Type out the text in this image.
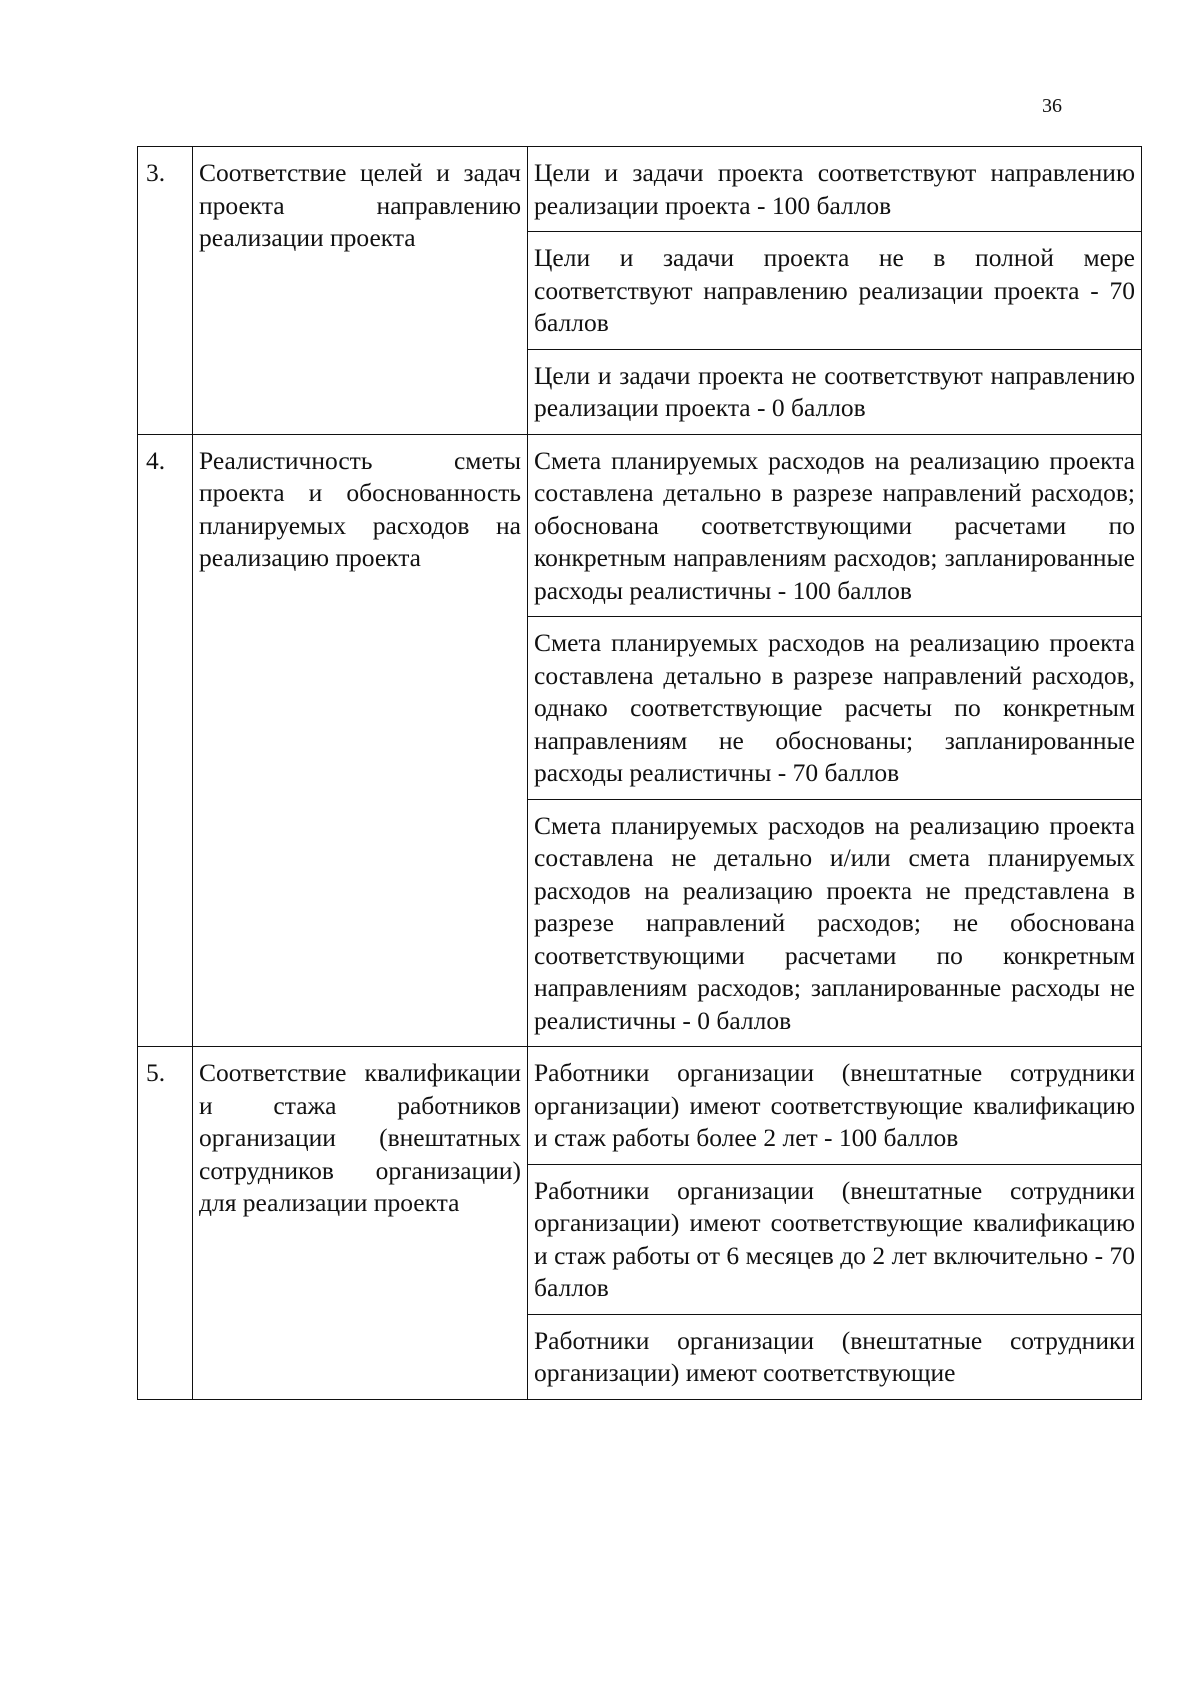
36
3.	Соответствие целей и задач проекта направлению реализации проекта	Цели и задачи проекта соответствуют направлению реализации проекта - 100 баллов
		Цели и задачи проекта не в полной мере соответствуют направлению реализации проекта - 70 баллов
		Цели и задачи проекта не соответствуют направлению реализации проекта - 0 баллов
4.	Реалистичность сметы проекта и обоснованность планируемых расходов на реализацию проекта	Смета планируемых расходов на реализацию проекта составлена детально в разрезе направлений расходов; обоснована соответствующими расчетами по конкретным направлениям расходов; запланированные расходы реалистичны - 100 баллов
		Смета планируемых расходов на реализацию проекта составлена детально в разрезе направлений расходов, однако соответствующие расчеты по конкретным направлениям не обоснованы; запланированные расходы реалистичны - 70 баллов
		Смета планируемых расходов на реализацию проекта составлена не детально и/или смета планируемых расходов на реализацию проекта не представлена в разрезе направлений расходов; не обоснована соответствующими расчетами по конкретным направлениям расходов; запланированные расходы не реалистичны - 0 баллов
5.	Соответствие квалификации и стажа работников организации (внештатных сотрудников организации) для реализации проекта	Работники организации (внештатные сотрудники организации) имеют соответствующие квалификацию и стаж работы более 2 лет - 100 баллов
		Работники организации (внештатные сотрудники организации) имеют соответствующие квалификацию и стаж работы от 6 месяцев до 2 лет включительно - 70 баллов
		Работники организации (внештатные сотрудники организации) имеют соответствующие
